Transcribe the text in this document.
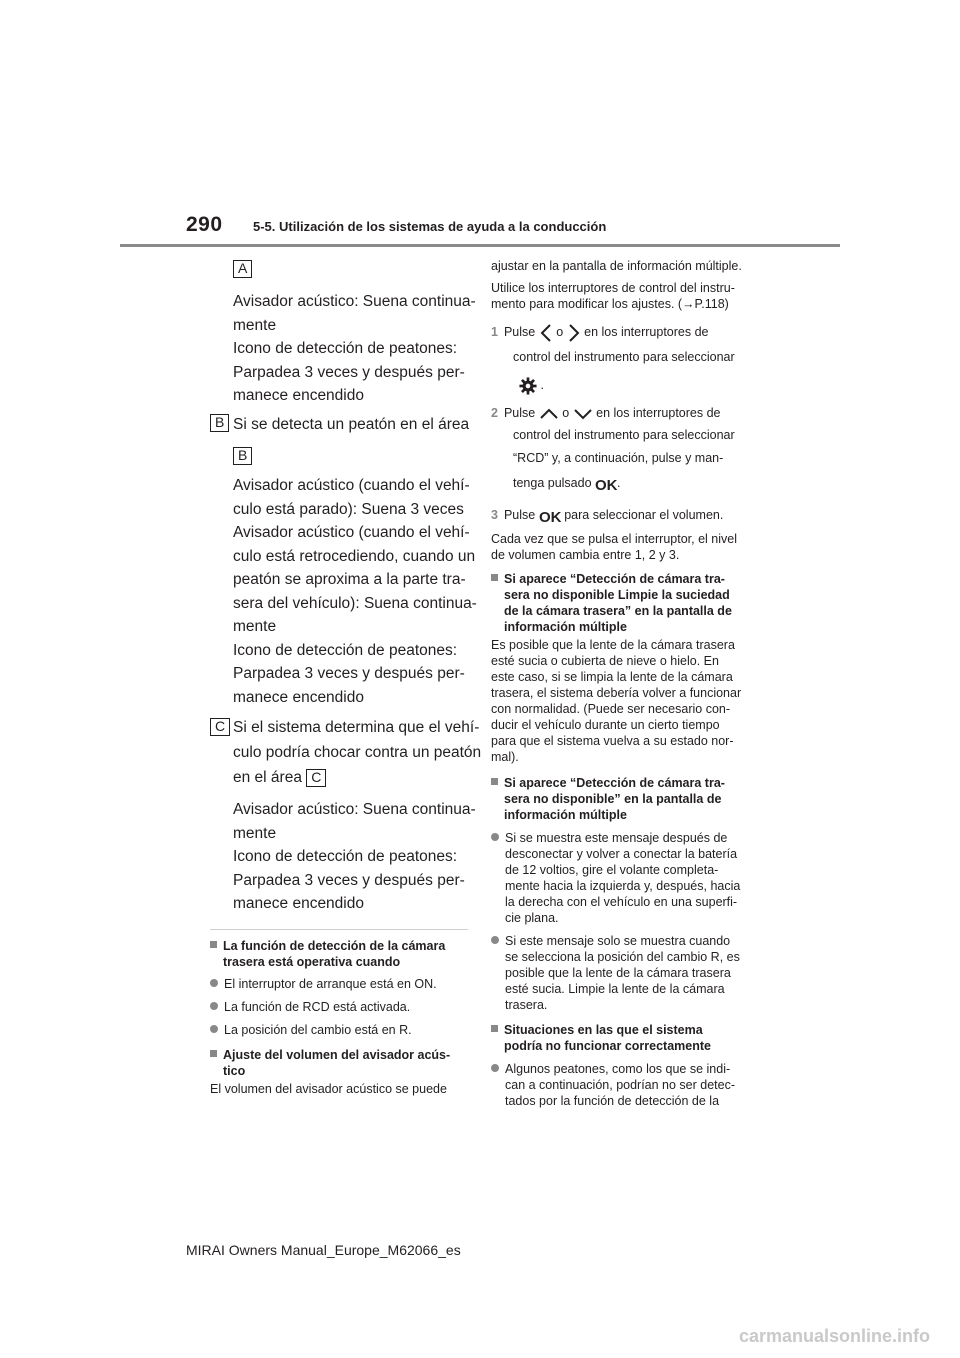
290 5-5. Utilización de los sistemas de ayuda a la conducción
A
Avisador acústico: Suena continua-
mente
Icono de detección de peatones:
Parpadea 3 veces y después per-
manece encendido
B Si se detecta un peatón en el área
B
Avisador acústico (cuando el vehí-
culo está parado): Suena 3 veces
Avisador acústico (cuando el vehí-
culo está retrocediendo, cuando un
peatón se aproxima a la parte tra-
sera del vehículo): Suena continua-
mente
Icono de detección de peatones:
Parpadea 3 veces y después per-
manece encendido
C Si el sistema determina que el vehí-
culo podría chocar contra un peatón
en el área C
Avisador acústico: Suena continua-
mente
Icono de detección de peatones:
Parpadea 3 veces y después per-
manece encendido
La función de detección de la cámara
trasera está operativa cuando
El interruptor de arranque está en ON.
La función de RCD está activada.
La posición del cambio está en R.
Ajuste del volumen del avisador acús-
tico
El volumen del avisador acústico se puede
ajustar en la pantalla de información múltiple.
Utilice los interruptores de control del instru-
mento para modificar los ajustes. (→P.118)
1 Pulse o en los interruptores de
control del instrumento para seleccionar
.
2 Pulse o en los interruptores de
control del instrumento para seleccionar
“RCD” y, a continuación, pulse y man-
tenga pulsado OK .
3 Pulse OK para seleccionar el volumen.
Cada vez que se pulsa el interruptor, el nivel
de volumen cambia entre 1, 2 y 3.
Si aparece “Detección de cámara tra-
sera no disponible Limpie la suciedad
de la cámara trasera” en la pantalla de
información múltiple
Es posible que la lente de la cámara trasera
esté sucia o cubierta de nieve o hielo. En
este caso, si se limpia la lente de la cámara
trasera, el sistema debería volver a funcionar
con normalidad. (Puede ser necesario con-
ducir el vehículo durante un cierto tiempo
para que el sistema vuelva a su estado nor-
mal).
Si aparece “Detección de cámara tra-
sera no disponible” en la pantalla de
información múltiple
Si se muestra este mensaje después de
desconectar y volver a conectar la batería
de 12 voltios, gire el volante completa-
mente hacia la izquierda y, después, hacia
la derecha con el vehículo en una superfi-
cie plana.
Si este mensaje solo se muestra cuando
se selecciona la posición del cambio R, es
posible que la lente de la cámara trasera
esté sucia. Limpie la lente de la cámara
trasera.
Situaciones en las que el sistema
podría no funcionar correctamente
Algunos peatones, como los que se indi-
can a continuación, podrían no ser detec-
tados por la función de detección de la
MIRAI Owners Manual_Europe_M62066_es
carmanualsonline.info
